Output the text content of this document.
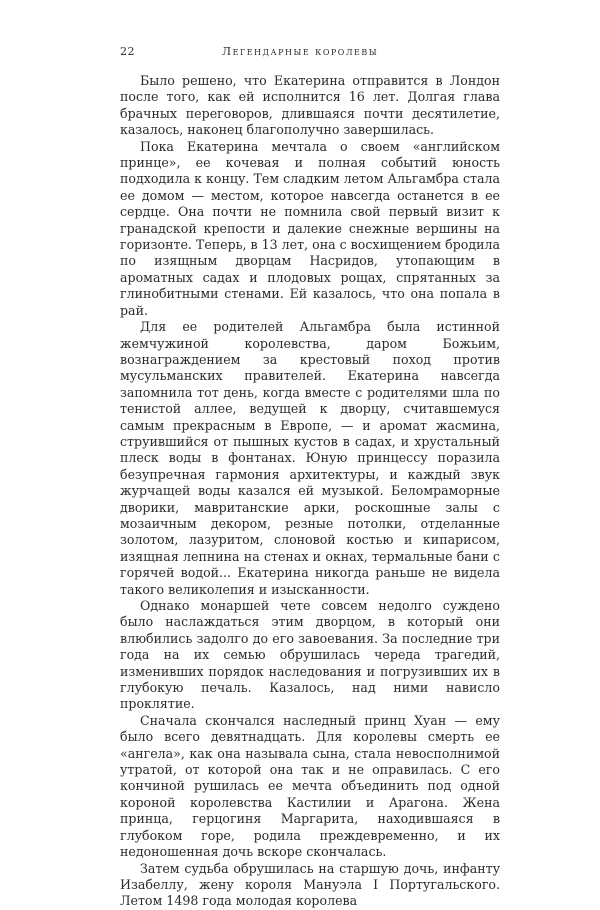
22	Легендарные королевы

Было решено, что Екатерина отправится в Лондон после того, как ей исполнится 16 лет. Долгая глава брачных переговоров, длившаяся почти десятилетие, казалось, наконец благополучно завершилась.

Пока Екатерина мечтала о своем «английском принце», ее кочевая и полная событий юность подходила к концу. Тем сладким летом Альгамбра стала ее домом — местом, которое навсегда останется в ее сердце. Она почти не помнила свой первый визит к гранадской крепости и далекие снежные вершины на горизонте. Теперь, в 13 лет, она с восхищением бродила по изящным дворцам Насридов, утопающим в ароматных садах и плодовых рощах, спрятанных за глинобитными стенами. Ей казалось, что она попала в рай.

Для ее родителей Альгамбра была истинной жемчужиной королевства, даром Божьим, вознаграждением за крестовый поход против мусульманских правителей. Екатерина навсегда запомнила тот день, когда вместе с родителями шла по тенистой аллее, ведущей к дворцу, считавшемуся самым прекрасным в Европе, — и аромат жасмина, струившийся от пышных кустов в садах, и хрустальный плеск воды в фонтанах. Юную принцессу поразила безупречная гармония архитектуры, и каждый звук журчащей воды казался ей музыкой. Беломраморные дворики, мавританские арки, роскошные залы с мозаичным декором, резные потолки, отделанные золотом, лазуритом, слоновой костью и кипарисом, изящная лепнина на стенах и окнах, термальные бани с горячей водой... Екатерина никогда раньше не видела такого великолепия и изысканности.

Однако монаршей чете совсем недолго суждено было наслаждаться этим дворцом, в который они влюбились задолго до его завоевания. За последние три года на их семью обрушилась череда трагедий, изменивших порядок наследования и погрузивших их в глубокую печаль. Казалось, над ними нависло проклятие.

Сначала скончался наследный принц Хуан — ему было всего девятнадцать. Для королевы смерть ее «ангела», как она называла сына, стала невосполнимой утратой, от которой она так и не оправилась. С его кончиной рушилась ее мечта объединить под одной короной королевства Кастилии и Арагона. Жена принца, герцогиня Маргарита, находившаяся в глубоком горе, родила преждевременно, и их недоношенная дочь вскоре скончалась.

Затем судьба обрушилась на старшую дочь, инфанту Изабеллу, жену короля Мануэла I Португальского. Летом 1498 года молодая королева
